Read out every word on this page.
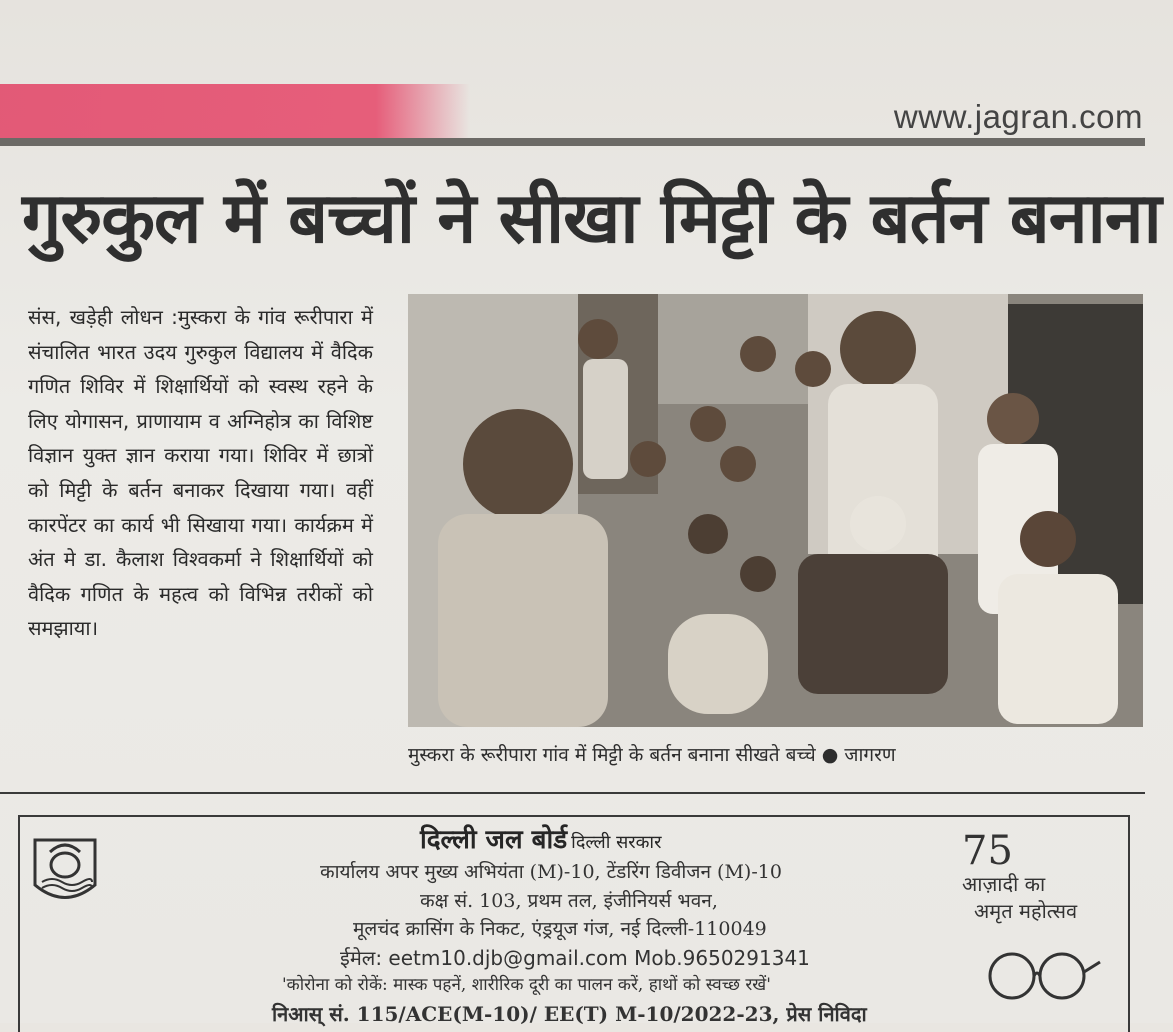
www.jagran.com
गुरुकुल में बच्चों ने सीखा मिट्टी के बर्तन बनाना
संस, खड़ेही लोधन :मुस्करा के गांव रूरीपारा में संचालित भारत उदय गुरुकुल विद्यालय में वैदिक गणित शिविर में शिक्षार्थियों को स्वस्थ रहने के लिए योगासन, प्राणायाम व अग्निहोत्र का विशिष्ट विज्ञान युक्त ज्ञान कराया गया। शिविर में छात्रों को मिट्टी के बर्तन बनाकर दिखाया गया। वहीं कारपेंटर का कार्य भी सिखाया गया। कार्यक्रम में अंत मे डा. कैलाश विश्वकर्मा ने शिक्षार्थियों को वैदिक गणित के महत्व को विभिन्न तरीकों को समझाया।
मुस्करा के रूरीपारा गांव में मिट्टी के बर्तन बनाना सीखते बच्चे ● जागरण
दिल्ली जल बोर्ड दिल्ली सरकार
कार्यालय अपर मुख्य अभियंता (M)-10, टेंडरिंग डिवीजन (M)-10
कक्ष सं. 103, प्रथम तल, इंजीनियर्स भवन,
मूलचंद क्रासिंग के निकट, एंड्रयूज गंज, नई दिल्ली-110049
ईमेल: eetm10.djb@gmail.com Mob.9650291341
'कोरोना को रोकें: मास्क पहनें, शारीरिक दूरी का पालन करें, हाथों को स्वच्छ रखें'
निआस् सं. 115/ACE(M-10)/ EE(T) M-10/2022-23, प्रेस निविदा
75
आज़ादी का
अमृत महोत्सव
